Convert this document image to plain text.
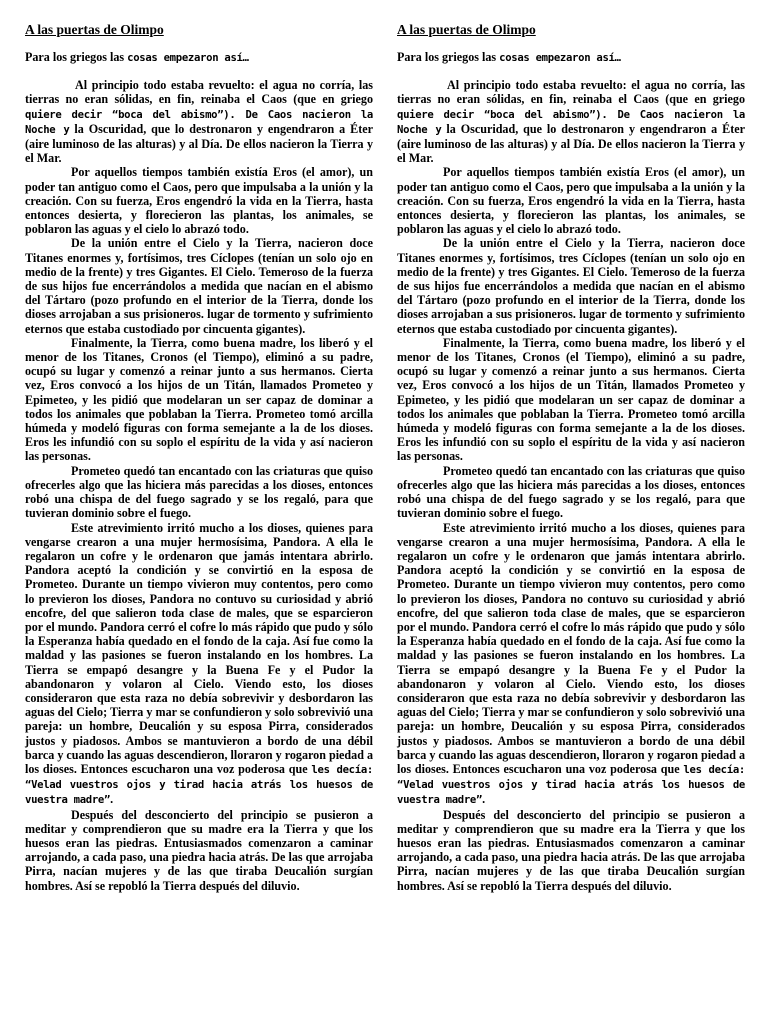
A las puertas de Olimpo
Para los griegos las cosas empezaron así…

Al principio todo estaba revuelto: el agua no corría, las tierras no eran sólidas, en fin, reinaba el Caos (que en griego quiere decir “boca del abismo”). De Caos nacieron la Noche y la Oscuridad, que lo destronaron y engendraron a Éter (aire luminoso de las alturas) y al Día. De ellos nacieron la Tierra y el Mar.

Por aquellos tiempos también existía Eros (el amor), un poder tan antiguo como el Caos, pero que impulsaba a la unión y la creación. Con su fuerza, Eros engendró la vida en la Tierra, hasta entonces desierta, y florecieron las plantas, los animales, se poblaron las aguas y el cielo lo abrazó todo.

De la unión entre el Cielo y la Tierra, nacieron doce Titanes enormes y, fortísimos, tres Cíclopes (tenían un solo ojo en medio de la frente) y tres Gigantes. El Cielo. Temeroso de la fuerza de sus hijos fue encerrándolos a medida que nacían en el abismo del Tártaro (pozo profundo en el interior de la Tierra, donde los dioses arrojaban a sus prisioneros. lugar de tormento y sufrimiento eternos que estaba custodiado por cincuenta gigantes).

Finalmente, la Tierra, como buena madre, los liberó y el menor de los Titanes, Cronos (el Tiempo), eliminó a su padre, ocupó su lugar y comenzó a reinar junto a sus hermanos. Cierta vez, Eros convocó a los hijos de un Titán, llamados Prometeo y Epimeteo, y les pidió que modelaran un ser capaz de dominar a todos los animales que poblaban la Tierra. Prometeo tomó arcilla húmeda y modeló figuras con forma semejante a la de los dioses. Eros les infundió con su soplo el espíritu de la vida y así nacieron las personas.

Prometeo quedó tan encantado con las criaturas que quiso ofrecerles algo que las hiciera más parecidas a los dioses, entonces robó una chispa de del fuego sagrado y se los regaló, para que tuvieran dominio sobre el fuego.

Este atrevimiento irritó mucho a los dioses, quienes para vengarse crearon a una mujer hermosísima, Pandora. A ella le regalaron un cofre y le ordenaron que jamás intentara abrirlo. Pandora aceptó la condición y se convirtió en la esposa de Prometeo. Durante un tiempo vivieron muy contentos, pero como lo previeron los dioses, Pandora no contuvo su curiosidad y abrió encofre, del que salieron toda clase de males, que se esparcieron por el mundo. Pandora cerró el cofre lo más rápido que pudo y sólo la Esperanza había quedado en el fondo de la caja. Así fue como la maldad y las pasiones se fueron instalando en los hombres. La Tierra se empapó desangre y la Buena Fe y el Pudor la abandonaron y volaron al Cielo. Viendo esto, los dioses consideraron que esta raza no debía sobrevivir y desbordaron las aguas del Cielo; Tierra y mar se confundieron y solo sobrevivió una pareja: un hombre, Deucalión y su esposa Pirra, considerados justos y piadosos. Ambos se mantuvieron a bordo de una débil barca y cuando las aguas descendieron, lloraron y rogaron piedad a los dioses. Entonces escucharon una voz poderosa que les decía: “Velad vuestros ojos y tirad hacia atrás los huesos de vuestra madre”.

Después del desconcierto del principio se pusieron a meditar y comprendieron que su madre era la Tierra y que los huesos eran las piedras. Entusiasmados comenzaron a caminar arrojando, a cada paso, una piedra hacia atrás. De las que arrojaba Pirra, nacían mujeres y de las que tiraba Deucalión surgían hombres. Así se repobló la Tierra después del diluvio.

A las puertas de Olimpo
Para los griegos las cosas empezaron así…

Al principio todo estaba revuelto: el agua no corría, las tierras no eran sólidas, en fin, reinaba el Caos (que en griego quiere decir “boca del abismo”). De Caos nacieron la Noche y la Oscuridad, que lo destronaron y engendraron a Éter (aire luminoso de las alturas) y al Día. De ellos nacieron la Tierra y el Mar.

Por aquellos tiempos también existía Eros (el amor), un poder tan antiguo como el Caos, pero que impulsaba a la unión y la creación. Con su fuerza, Eros engendró la vida en la Tierra, hasta entonces desierta, y florecieron las plantas, los animales, se poblaron las aguas y el cielo lo abrazó todo.

De la unión entre el Cielo y la Tierra, nacieron doce Titanes enormes y, fortísimos, tres Cíclopes (tenían un solo ojo en medio de la frente) y tres Gigantes. El Cielo. Temeroso de la fuerza de sus hijos fue encerrándolos a medida que nacían en el abismo del Tártaro (pozo profundo en el interior de la Tierra, donde los dioses arrojaban a sus prisioneros. lugar de tormento y sufrimiento eternos que estaba custodiado por cincuenta gigantes).

Finalmente, la Tierra, como buena madre, los liberó y el menor de los Titanes, Cronos (el Tiempo), eliminó a su padre, ocupó su lugar y comenzó a reinar junto a sus hermanos. Cierta vez, Eros convocó a los hijos de un Titán, llamados Prometeo y Epimeteo, y les pidió que modelaran un ser capaz de dominar a todos los animales que poblaban la Tierra. Prometeo tomó arcilla húmeda y modeló figuras con forma semejante a la de los dioses. Eros les infundió con su soplo el espíritu de la vida y así nacieron las personas.

Prometeo quedó tan encantado con las criaturas que quiso ofrecerles algo que las hiciera más parecidas a los dioses, entonces robó una chispa de del fuego sagrado y se los regaló, para que tuvieran dominio sobre el fuego.

Este atrevimiento irritó mucho a los dioses, quienes para vengarse crearon a una mujer hermosísima, Pandora. A ella le regalaron un cofre y le ordenaron que jamás intentara abrirlo. Pandora aceptó la condición y se convirtió en la esposa de Prometeo. Durante un tiempo vivieron muy contentos, pero como lo previeron los dioses, Pandora no contuvo su curiosidad y abrió encofre, del que salieron toda clase de males, que se esparcieron por el mundo. Pandora cerró el cofre lo más rápido que pudo y sólo la Esperanza había quedado en el fondo de la caja. Así fue como la maldad y las pasiones se fueron instalando en los hombres. La Tierra se empapó desangre y la Buena Fe y el Pudor la abandonaron y volaron al Cielo. Viendo esto, los dioses consideraron que esta raza no debía sobrevivir y desbordaron las aguas del Cielo; Tierra y mar se confundieron y solo sobrevivió una pareja: un hombre, Deucalión y su esposa Pirra, considerados justos y piadosos. Ambos se mantuvieron a bordo de una débil barca y cuando las aguas descendieron, lloraron y rogaron piedad a los dioses. Entonces escucharon una voz poderosa que les decía: “Velad vuestros ojos y tirad hacia atrás los huesos de vuestra madre”.

Después del desconcierto del principio se pusieron a meditar y comprendieron que su madre era la Tierra y que los huesos eran las piedras. Entusiasmados comenzaron a caminar arrojando, a cada paso, una piedra hacia atrás. De las que arrojaba Pirra, nacían mujeres y de las que tiraba Deucalión surgían hombres. Así se repobló la Tierra después del diluvio.
